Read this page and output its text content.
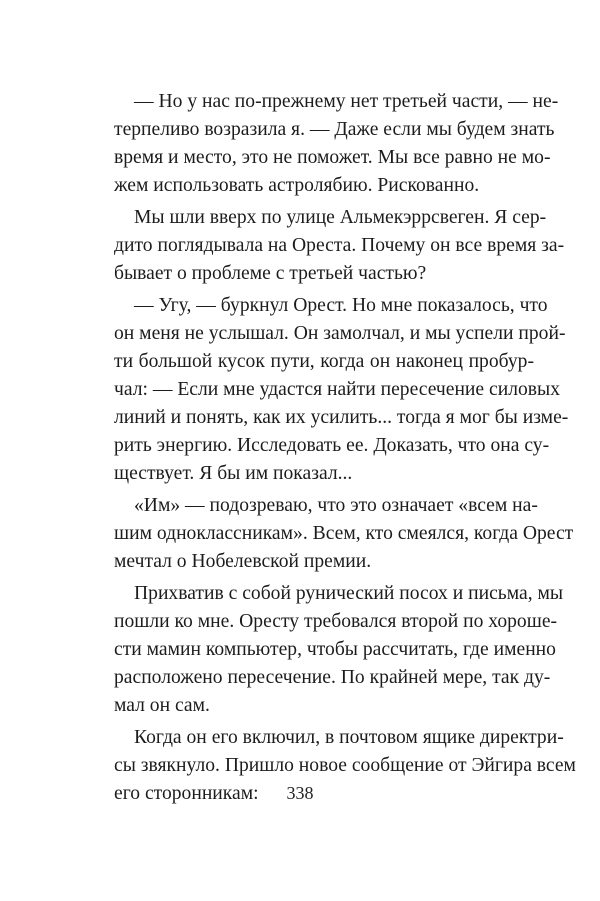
— Но у нас по-прежнему нет третьей части, — не-
терпеливо возразила я. — Даже если мы будем знать
время и место, это не поможет. Мы все равно не мо-
жем использовать астролябию. Рискованно.
Мы шли вверх по улице Альмекэррсвеген. Я сер-
дито поглядывала на Ореста. Почему он все время за-
бывает о проблеме с третьей частью?
— Угу, — буркнул Орест. Но мне показалось, что
он меня не услышал. Он замолчал, и мы успели прой-
ти большой кусок пути, когда он наконец пробур-
чал: — Если мне удастся найти пересечение силовых
линий и понять, как их усилить... тогда я мог бы изме-
рить энергию. Исследовать ее. Доказать, что она су-
ществует. Я бы им показал...
«Им» — подозреваю, что это означает «всем на-
шим одноклассникам». Всем, кто смеялся, когда Орест
мечтал о Нобелевской премии.
Прихватив с собой рунический посох и письма, мы
пошли ко мне. Оресту требовался второй по хороше-
сти мамин компьютер, чтобы рассчитать, где именно
расположено пересечение. По крайней мере, так ду-
мал он сам.
Когда он его включил, в почтовом ящике директри-
сы звякнуло. Пришло новое сообщение от Эйгира всем
его сторонникам:	338
